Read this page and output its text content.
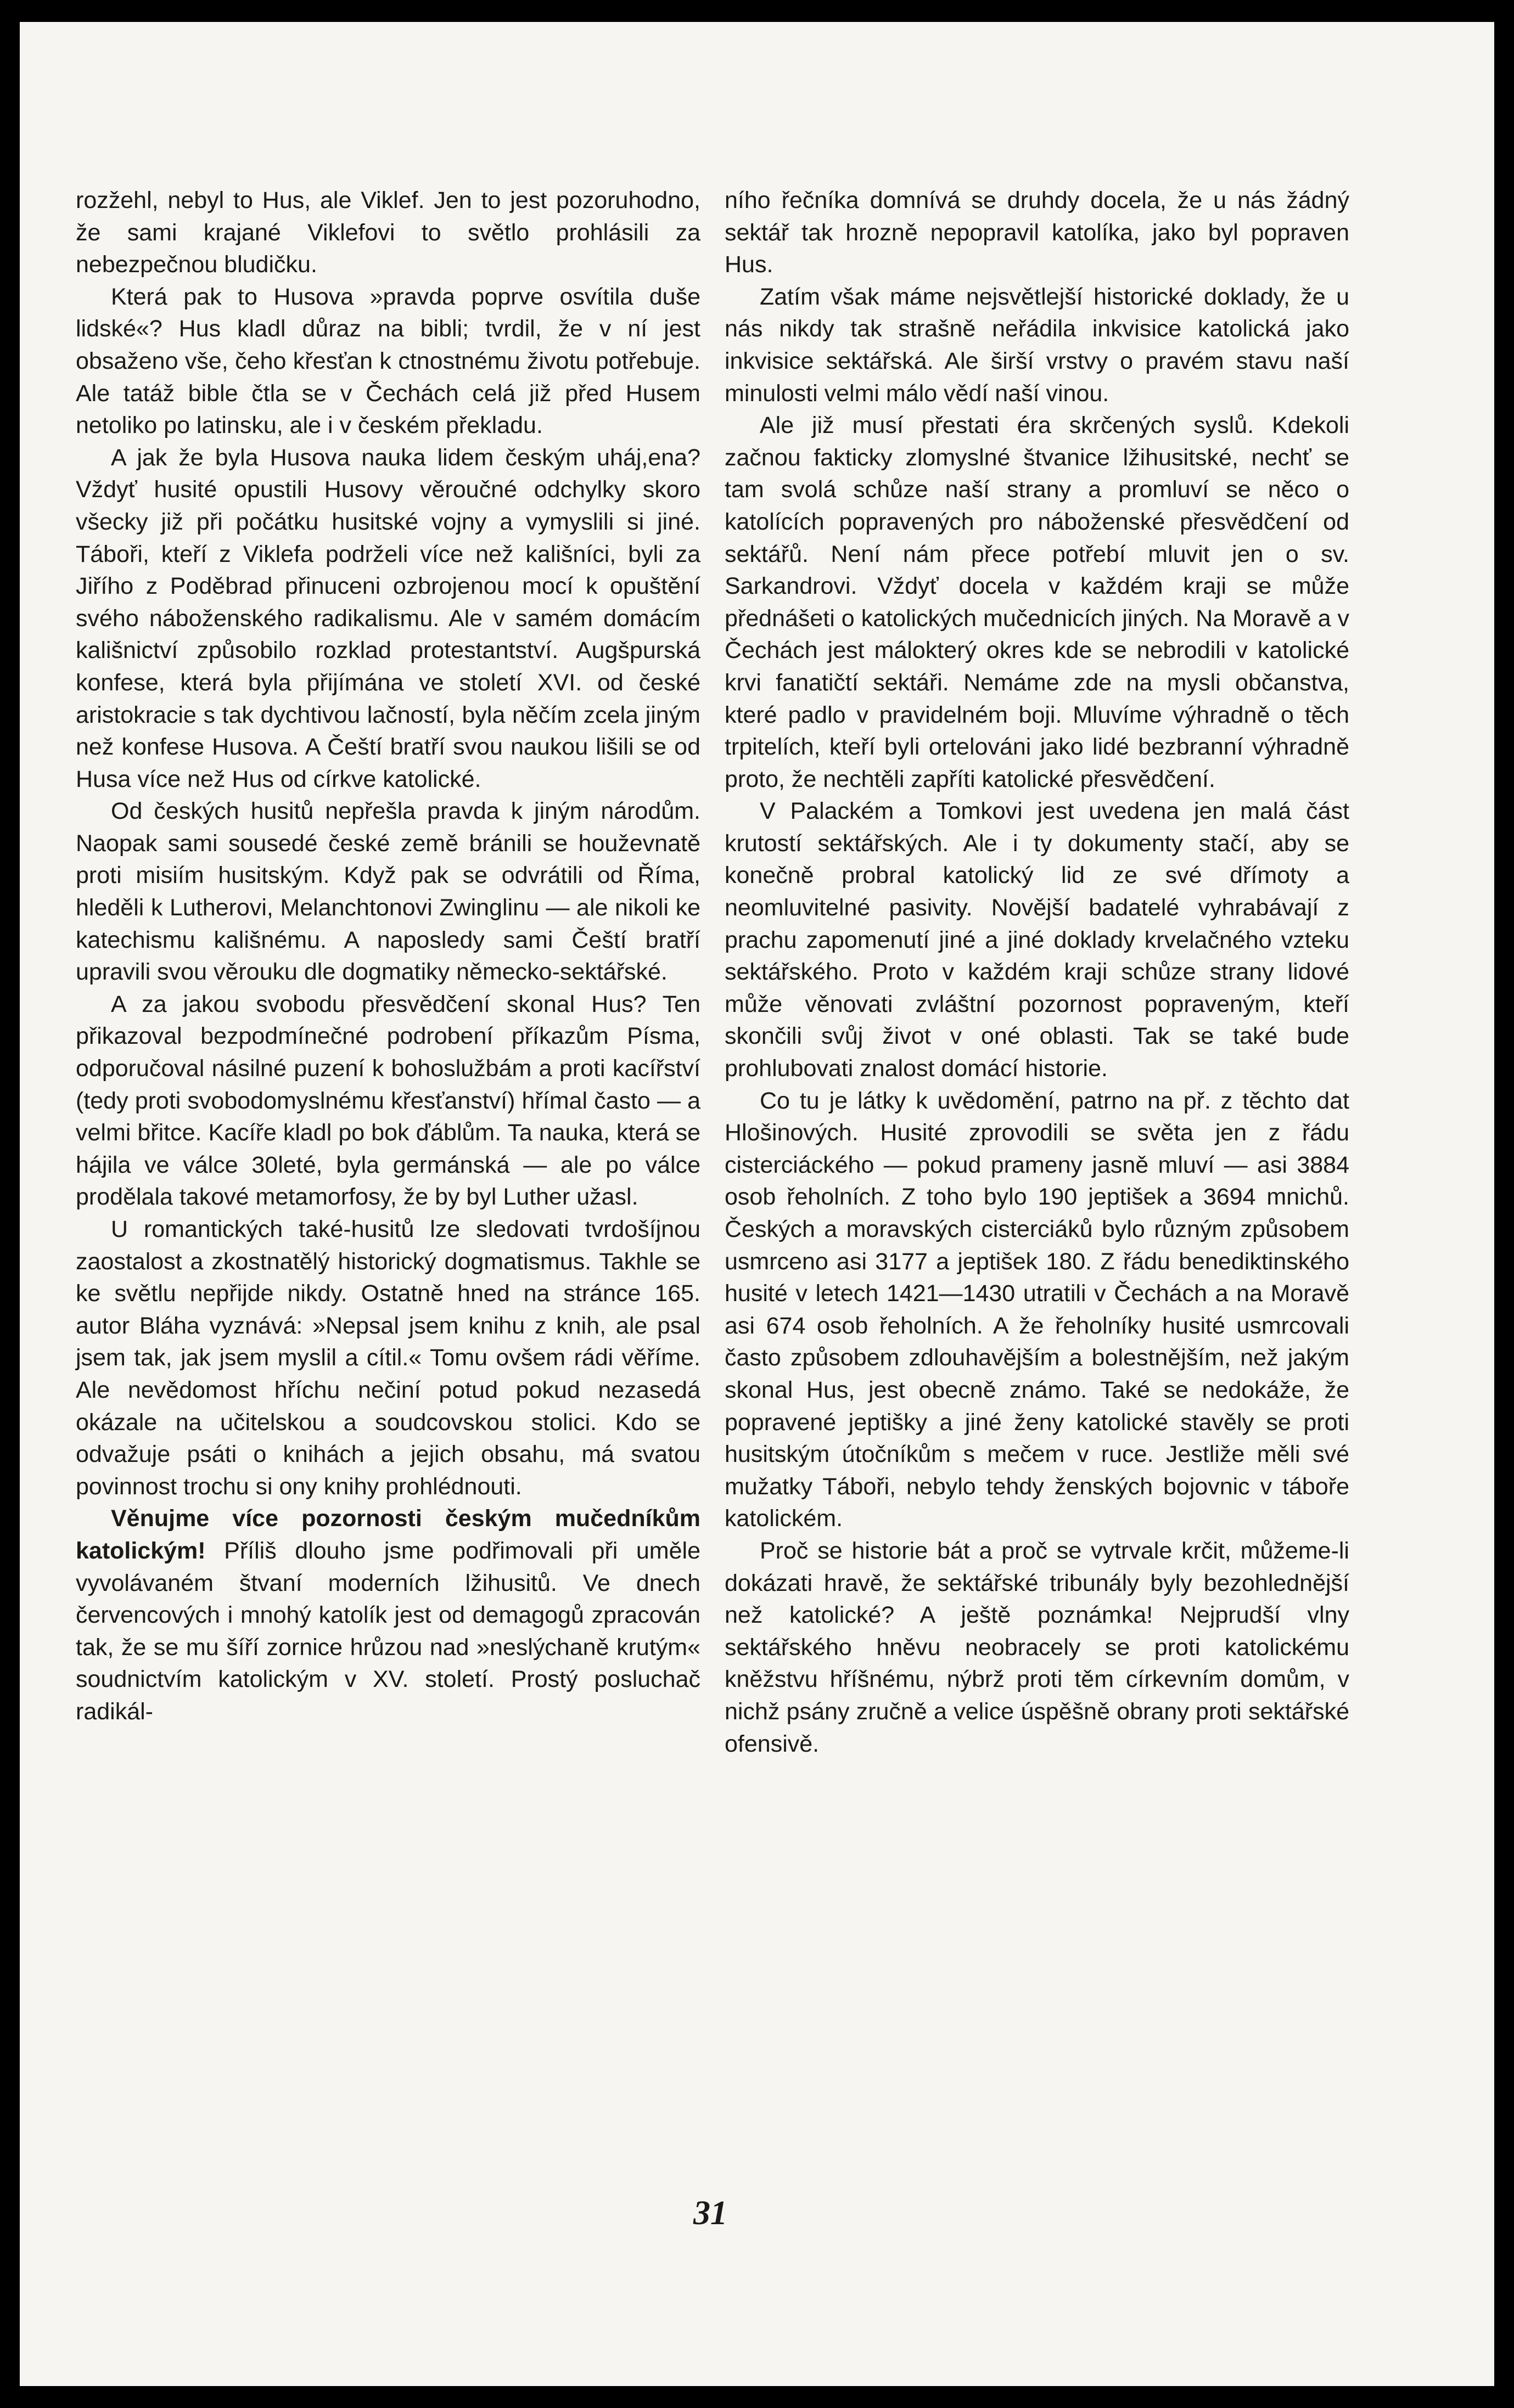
rozžehl, nebyl to Hus, ale Viklef. Jen to jest pozoruhodno, že sami krajané Viklefovi to světlo prohlásili za nebezpečnou bludičku.

Která pak to Husova »pravda poprve osvítila duše lidské«? Hus kladl důraz na bibli; tvrdil, že v ní jest obsaženo vše, čeho křesťan k ctnostnému životu potřebuje. Ale tatáž bible čtla se v Čechách celá již před Husem netoliko po latinsku, ale i v českém překladu.

A jak že byla Husova nauka lidem českým uháj,ena? Vždyť husité opustili Husovy věroučné odchylky skoro všecky již při počátku husitské vojny a vymyslili si jiné. Táboři, kteří z Viklefa podrželi více než kališníci, byli za Jiřího z Poděbrad přinuceni ozbrojenou mocí k opuštění svého náboženského radikalismu. Ale v samém domácím kališnictví způsobilo rozklad protestantství. Augšpurská konfese, která byla přijímána ve století XVI. od české aristokracie s tak dychtivou lačností, byla něčím zcela jiným než konfese Husova. A Čeští bratří svou naukou lišili se od Husa více než Hus od církve katolické.

Od českých husitů nepřešla pravda k jiným národům. Naopak sami sousedé české země bránili se houževnatě proti misiím husitským. Když pak se odvrátili od Říma, hleděli k Lutherovi, Melanchtonovi Zwinglinu — ale nikoli ke katechismu kališnému. A naposledy sami Čeští bratří upravili svou věrouku dle dogmatiky německo-sektářské.

A za jakou svobodu přesvědčení skonal Hus? Ten přikazoval bezpodmínečné podrobení příkazům Písma, odporučoval násilné puzení k bohoslužbám a proti kacířství (tedy proti svobodomyslnému křesťanství) hřímal často — a velmi břitce. Kacíře kladl po bok ďáblům. Ta nauka, která se hájila ve válce 30leté, byla germánská — ale po válce prodělala takové metamorfosy, že by byl Luther užasl.

U romantických také-husitů lze sledovati tvrdošíjnou zaostalost a zkostnatělý historický dogmatismus. Takhle se ke světlu nepřijde nikdy. Ostatně hned na stránce 165. autor Bláha vyznává: »Nepsal jsem knihu z knih, ale psal jsem tak, jak jsem myslil a cítil.« Tomu ovšem rádi věříme. Ale nevědomost hříchu nečiní potud pokud nezasedá okázale na učitelskou a soudcovskou stolici. Kdo se odvažuje psáti o knihách a jejich obsahu, má svatou povinnost trochu si ony knihy prohlédnouti.

Věnujme více pozornosti českým mučedníkům katolickým! Příliš dlouho jsme podřimovali při uměle vyvolávaném štvaní moderních lžihusitů. Ve dnech červencových i mnohý katolík jest od demagogů zpracován tak, že se mu šíří zornice hrůzou nad »neslýchaně krutým« soudnictvím katolickým v XV. století. Prostý posluchač radikál-

ního řečníka domnívá se druhdy docela, že u nás žádný sektář tak hrozně nepopravil katolíka, jako byl popraven Hus.

Zatím však máme nejsvětlejší historické doklady, že u nás nikdy tak strašně neřádila inkvisice katolická jako inkvisice sektářská. Ale širší vrstvy o pravém stavu naší minulosti velmi málo vědí naší vinou.

Ale již musí přestati éra skrčených syslů. Kdekoli začnou fakticky zlomyslné štvanice lžihusitské, nechť se tam svolá schůze naší strany a promluví se něco o katolících popravených pro náboženské přesvědčení od sektářů. Není nám přece potřebí mluvit jen o sv. Sarkandrovi. Vždyť docela v každém kraji se může přednášeti o katolických mučednicích jiných. Na Moravě a v Čechách jest málokterý okres kde se nebrodili v katolické krvi fanatičtí sektáři. Nemáme zde na mysli občanstva, které padlo v pravidelném boji. Mluvíme výhradně o těch trpitelích, kteří byli ortelováni jako lidé bezbranní výhradně proto, že nechtěli zapříti katolické přesvědčení.

V Palackém a Tomkovi jest uvedena jen malá část krutostí sektářských. Ale i ty dokumenty stačí, aby se konečně probral katolický lid ze své dřímoty a neomluvitelné pasivity. Novější badatelé vyhrabávají z prachu zapomenutí jiné a jiné doklady krvelačného vzteku sektářského. Proto v každém kraji schůze strany lidové může věnovati zvláštní pozornost popraveným, kteří skončili svůj život v oné oblasti. Tak se také bude prohlubovati znalost domácí historie.

Co tu je látky k uvědomění, patrno na př. z těchto dat Hlošinových. Husité zprovodili se světa jen z řádu cisterciáckého — pokud prameny jasně mluví — asi 3884 osob řeholních. Z toho bylo 190 jeptišek a 3694 mnichů. Českých a moravských cisterciáků bylo různým způsobem usmrceno asi 3177 a jeptišek 180. Z řádu benediktinského husité v letech 1421—1430 utratili v Čechách a na Moravě asi 674 osob řeholních. A že řeholníky husité usmrcovali často způsobem zdlouhavějším a bolestnějším, než jakým skonal Hus, jest obecně známo. Také se nedokáže, že popravené jeptišky a jiné ženy katolické stavěly se proti husitským útočníkům s mečem v ruce. Jestliže měli své mužatky Táboři, nebylo tehdy ženských bojovnic v táboře katolickém.

Proč se historie bát a proč se vytrvale krčit, můžeme-li dokázati hravě, že sektářské tribunály byly bezohlednější než katolické? A ještě poznámka! Nejprudší vlny sektářského hněvu neobracely se proti katolickému kněžstvu hříšnému, nýbrž proti těm církevním domům, v nichž psány zručně a velice úspěšně obrany proti sektářské ofensivě.

31
